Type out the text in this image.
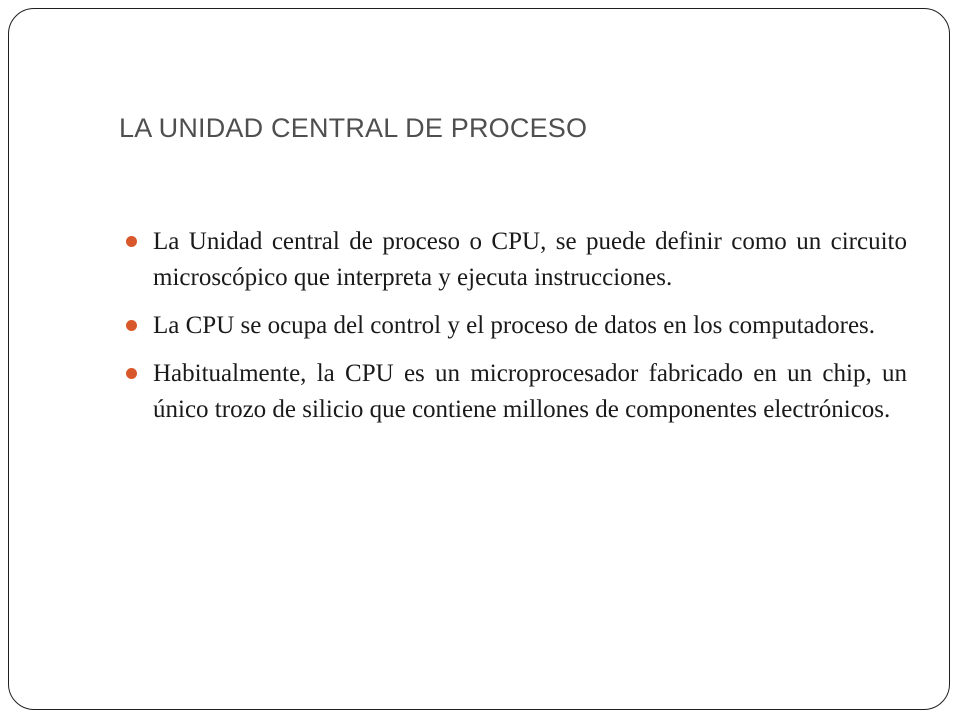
LA UNIDAD CENTRAL DE PROCESO
La Unidad central de proceso o CPU, se puede definir como un circuito microscópico que interpreta y ejecuta instrucciones.
La CPU se ocupa del control y el proceso de datos en los computadores.
Habitualmente, la CPU es un microprocesador fabricado en un chip, un único trozo de silicio que contiene millones de componentes electrónicos.
